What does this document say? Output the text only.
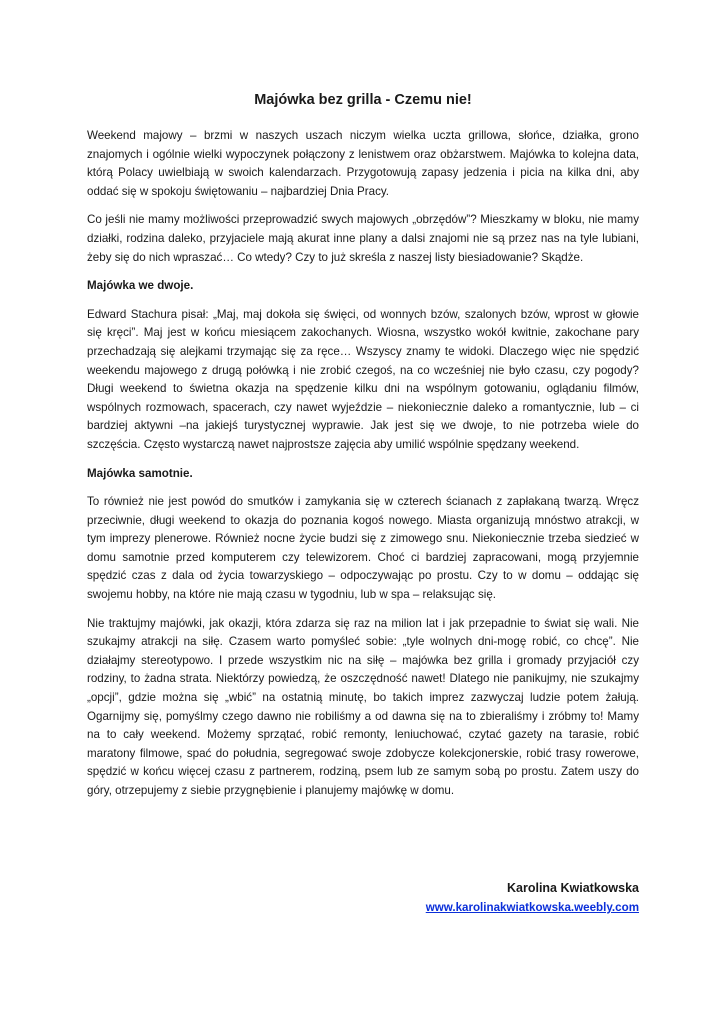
Majówka bez grilla - Czemu nie!

Weekend majowy – brzmi w naszych uszach niczym wielka uczta grillowa, słońce, działka, grono znajomych i ogólnie wielki wypoczynek połączony z lenistwem oraz obżarstwem. Majówka to kolejna data, którą Polacy uwielbiają w swoich kalendarzach. Przygotowują zapasy jedzenia i picia na kilka dni, aby oddać się w spokoju świętowaniu – najbardziej Dnia Pracy.

Co jeśli nie mamy możliwości przeprowadzić swych majowych „obrzędów”? Mieszkamy w bloku, nie mamy działki, rodzina daleko, przyjaciele mają akurat inne plany a dalsi znajomi nie są przez nas na tyle lubiani, żeby się do nich wpraszać… Co wtedy? Czy to już skreśla z naszej listy biesiadowanie? Skądże.

Majówka we dwoje.

Edward Stachura pisał: „Maj, maj dokoła się święci, od wonnych bzów, szalonych bzów, wprost w głowie się kręci”. Maj jest w końcu miesiącem zakochanych. Wiosna, wszystko wokół kwitnie, zakochane pary przechadzają się alejkami trzymając się za ręce… Wszyscy znamy te widoki. Dlaczego więc nie spędzić weekendu majowego z drugą połówką i nie zrobić czegoś, na co wcześniej nie było czasu, czy pogody? Długi weekend to świetna okazja na spędzenie kilku dni na wspólnym gotowaniu, oglądaniu filmów, wspólnych rozmowach, spacerach, czy nawet wyjeździe – niekoniecznie daleko a romantycznie, lub – ci bardziej aktywni –na jakiejś turystycznej wyprawie. Jak jest się we dwoje, to nie potrzeba wiele do szczęścia. Często wystarczą nawet najprostsze zajęcia aby umilić wspólnie spędzany weekend.

Majówka samotnie.

To również nie jest powód do smutków i zamykania się w czterech ścianach z zapłakaną twarzą. Wręcz przeciwnie, długi weekend to okazja do poznania kogoś nowego. Miasta organizują mnóstwo atrakcji, w tym imprezy plenerowe. Również nocne życie budzi się z zimowego snu. Niekoniecznie trzeba siedzieć w domu samotnie przed komputerem czy telewizorem. Choć ci bardziej zapracowani, mogą przyjemnie spędzić czas z dala od życia towarzyskiego – odpoczywając po prostu. Czy to w domu – oddając się swojemu hobby, na które nie mają czasu w tygodniu, lub w spa – relaksując się.

Nie traktujmy majówki, jak okazji, która zdarza się raz na milion lat i jak przepadnie to świat się wali. Nie szukajmy atrakcji na siłę. Czasem warto pomyśleć sobie: „tyle wolnych dni-mogę robić, co chcę”. Nie działajmy stereotypowo. I przede wszystkim nic na siłę – majówka bez grilla i gromady przyjaciół czy rodziny, to żadna strata. Niektórzy powiedzą, że oszczędność nawet! Dlatego nie panikujmy, nie szukajmy „opcji”, gdzie można się „wbić” na ostatnią minutę, bo takich imprez zazwyczaj ludzie potem żałują. Ogarnijmy się, pomyślmy czego dawno nie robiliśmy a od dawna się na to zbieraliśmy i zróbmy to! Mamy na to cały weekend. Możemy sprzątać, robić remonty, leniuchować, czytać gazety na tarasie, robić maratony filmowe, spać do południa, segregować swoje zdobycze kolekcjonerskie, robić trasy rowerowe, spędzić w końcu więcej czasu z partnerem, rodziną, psem lub ze samym sobą po prostu. Zatem uszy do góry, otrzepujemy z siebie przygnębienie i planujemy majówkę w domu.

Karolina Kwiatkowska
www.karolinakwiatkowska.weebly.com
